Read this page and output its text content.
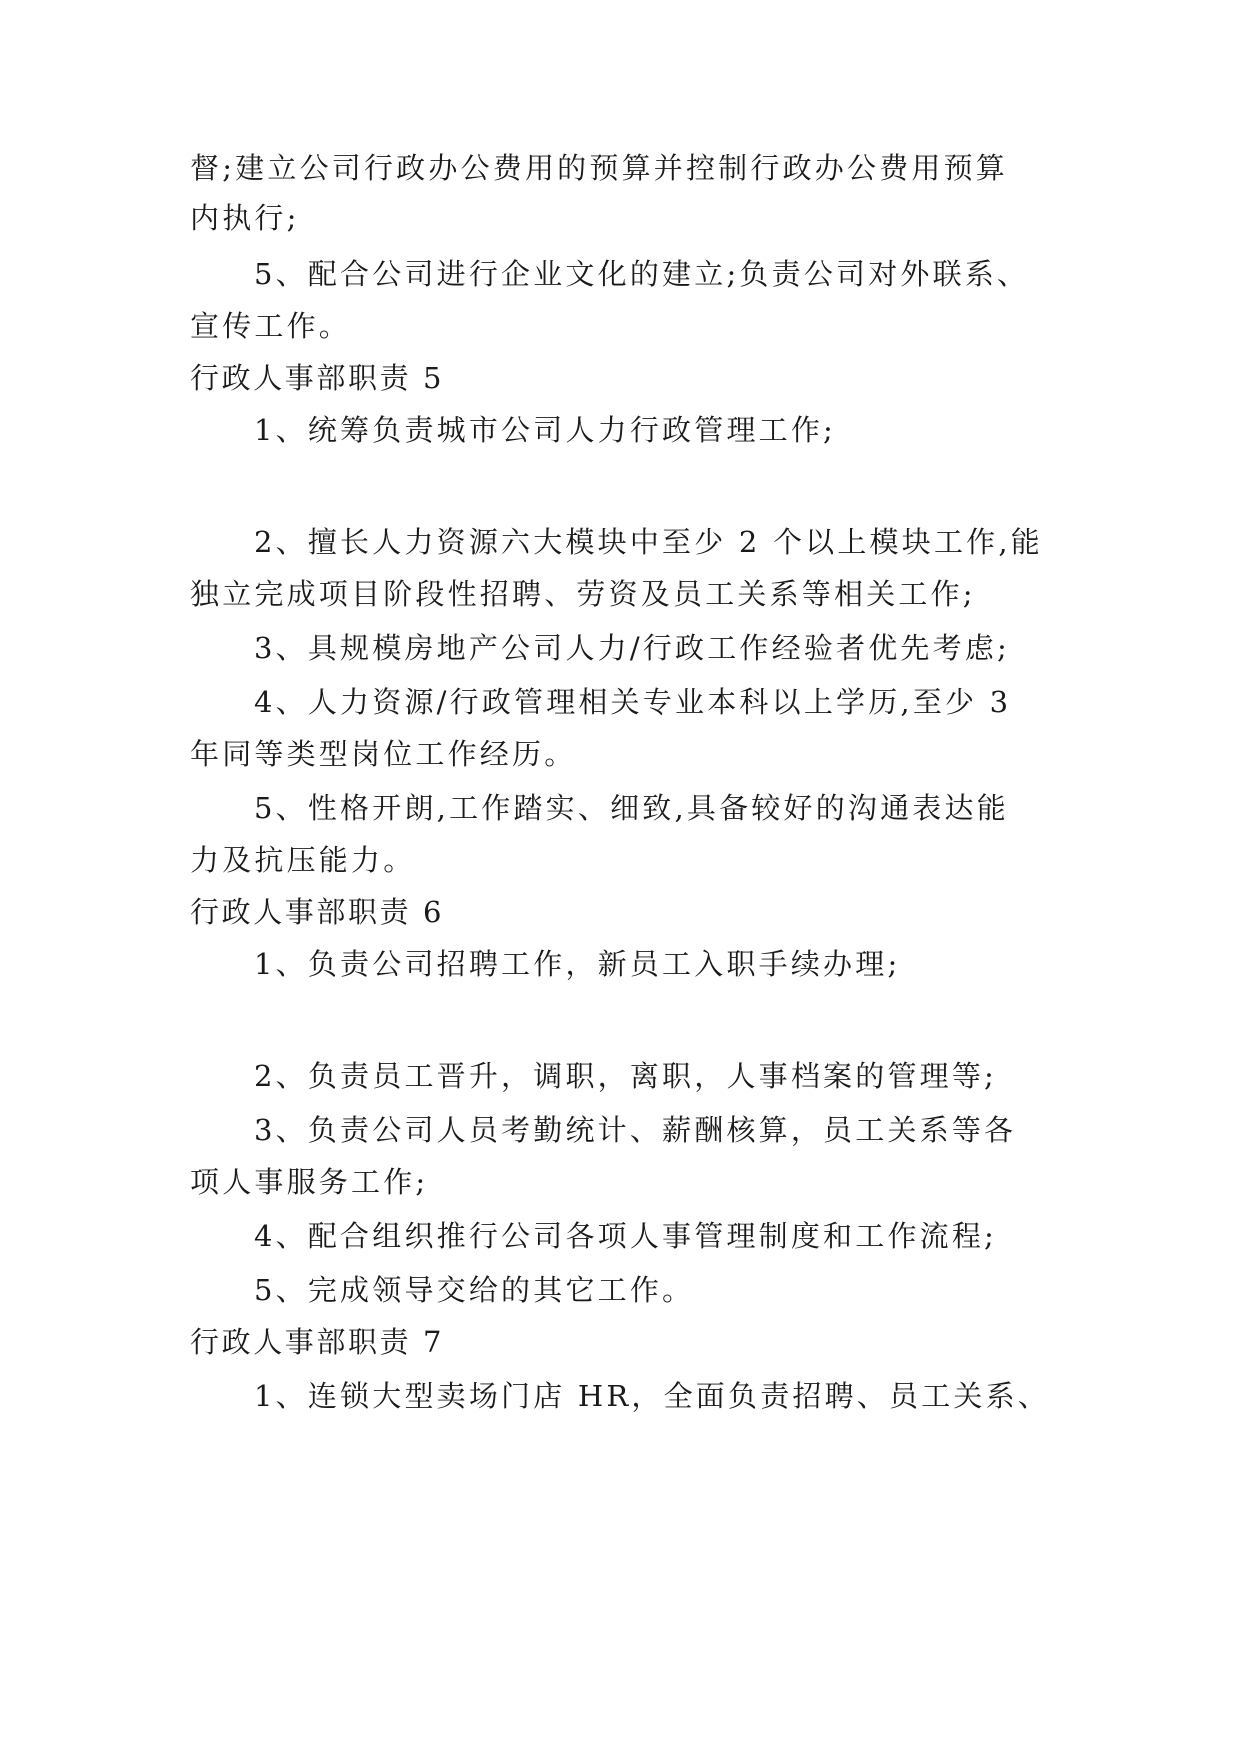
督;建立公司行政办公费用的预算并控制行政办公费用预算
内执行;
5、配合公司进行企业文化的建立;负责公司对外联系、
宣传工作。
行政人事部职责 5
1、统筹负责城市公司人力行政管理工作;
2、擅长人力资源六大模块中至少 2 个以上模块工作,能
独立完成项目阶段性招聘、劳资及员工关系等相关工作;
3、具规模房地产公司人力/行政工作经验者优先考虑;
4、人力资源/行政管理相关专业本科以上学历,至少 3
年同等类型岗位工作经历。
5、性格开朗,工作踏实、细致,具备较好的沟通表达能
力及抗压能力。
行政人事部职责 6
1、负责公司招聘工作，新员工入职手续办理;
2、负责员工晋升，调职，离职，人事档案的管理等;
3、负责公司人员考勤统计、薪酬核算，员工关系等各
项人事服务工作;
4、配合组织推行公司各项人事管理制度和工作流程;
5、完成领导交给的其它工作。
行政人事部职责 7
1、连锁大型卖场门店 HR，全面负责招聘、员工关系、
